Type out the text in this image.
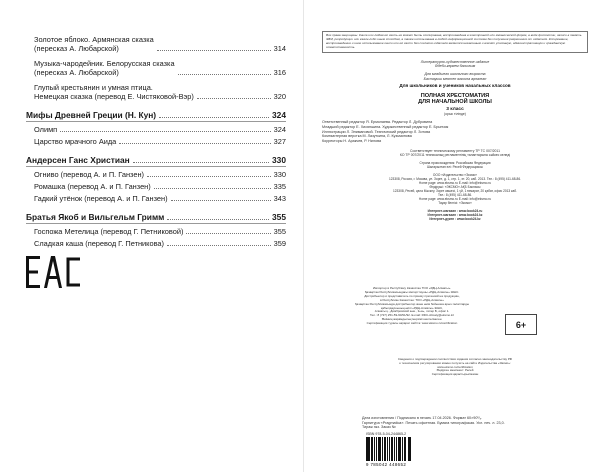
Золотое яблоко. Армянская сказка
(пересказ А. Любарской)	314
Музыка-чародейник. Белорусская сказка
(пересказ А. Любарской)	316
Глупый крестьянин и умная птица.
Немецкая сказка (перевод Е. Чистяковой-Вэр)	320
Мифы Древней Греции (Н. Кун)	324
Олимп	324
Царство мрачного Аида	327
Андерсен Ганс Христиан	330
Огниво (перевод А. и П. Ганзен)	330
Ромашка (перевод А. и П. Ганзен)	335
Гадкий утёнок (перевод А. и П. Ганзен)	343
Братья Якоб и Вильгельм Гримм	355
Госпожа Метелица (перевод Г. Петниковой)	355
Сладкая каша (перевод Г. Петникова)	359
Все права защищены. Книга или любая её часть не может быть скопирована, воспроизведена в электронной или механической форме, в виде фотокопии, записи в память ЭВМ, репродукции или каким-либо иным способом, а также использована в любой информационной системе без получения разрешения от издателя. Копирование, воспроизведение и иное использование книги или её части без согласия издателя является незаконным и влечёт уголовную, административную и гражданскую ответственность.
Литературно-художественное издание
Әдеби-көркем басылым
Для младшего школьного возраста
Бастауыш мектеп жасына арналған
Для школьников и учеников начальных классов
ПОЛНАЯ ХРЕСТОМАТИЯ
ДЛЯ НАЧАЛЬНОЙ ШКОЛЫ
3 класс
(орыс тілінде)
Ответственный редактор Я. Ермолаева. Редактор Л. Дубровина
Младший редактор Е. Хисяншина. Художественный редактор Е. Брынчик
Иллюстрации Л. Элимановой. Технический редактор Л. Зотова
Компьютерная верстка М. Лазуткина, Л. Кузьминова
Корректоры Н. Аракчев, Р. Нилова
Соответствует техническому регламенту ТР ТС 007/2011
КО ТР 007/2011 техникалық регламентінің талаптарына сәйкес келеді
Страна происхождения: Российская Федерация
Шығарылған елі: Ресей Федерациясы
ООО «Издательство «Эксмо»
123308, Россия, г. Москва, ул. Зорге, д. 1, стр. 1, эт. 20, каб. 2013. Тел.: 8 (495) 411-68-86.
Home page: www.eksmo.ru E-mail: info@eksmo.ru
Өндіруші: «ЭКСМО» АҚБ Баспасы
123308, Ресей, қала Мәскеу, Зорге көшесі, 1 үй, 1 ғимарат, 20 қабат, офис 2013 каб.
Тел.: 8 (495) 411-68-86.
Home page: www.eksmo.ru E-mail: info@eksmo.ru
Тауар белгісі: «Эксмо»
Интернет-магазин : www.book24.ru
Интернет-магазин : www.book24.kz
Интернет-дүкен : www.book24.kz
Импортер в Республику Казахстан ТОО «РДЦ-Алматы».
Қазақстан Республикасындағы импорттаушы «РДЦ-Алматы» ЖШС.
Дистрибьютор и представитель по приему претензий на продукцию,
в Республике Казахстан: ТОО «РДЦ-Алматы»
Қазақстан Республикасында дистрибьютор және өнім бойынша арыз-талаптарды
қабылдаушының өкілі «РДЦ-Алматы» ЖШС,
Алматы қ., Домбровский көш., 3«а», литер Б, офис 1.
Тел.: 8 (727) 251-59-90/91/92. E-mail: RDC-Almaty@eksmo.kz
Өнімнің жарамдылық мерзімі шектелмеген.
Сертификация туралы ақпарат сайтта: www.eksmo.ru/certification	6+
Сведения о подтверждении соответствия издания согласно законодательству РФ
о техническом регулировании можно получить на сайте Издательства «Эксмо»:
www.eksmo.ru/certification
Өндірген мемлекет: Ресей
Сертификация қарастырылмаған
Дата изготовления / Подписано в печать 17.04.2026. Формат 60×90¹/₈.
Гарнитура «Pragmatica». Печать офсетная. Бумага типографская. Усл. печ. л. 23,0.
Тираж экз. Заказ №
ISBN 978-5-04-244865-2
9 785042 448652
